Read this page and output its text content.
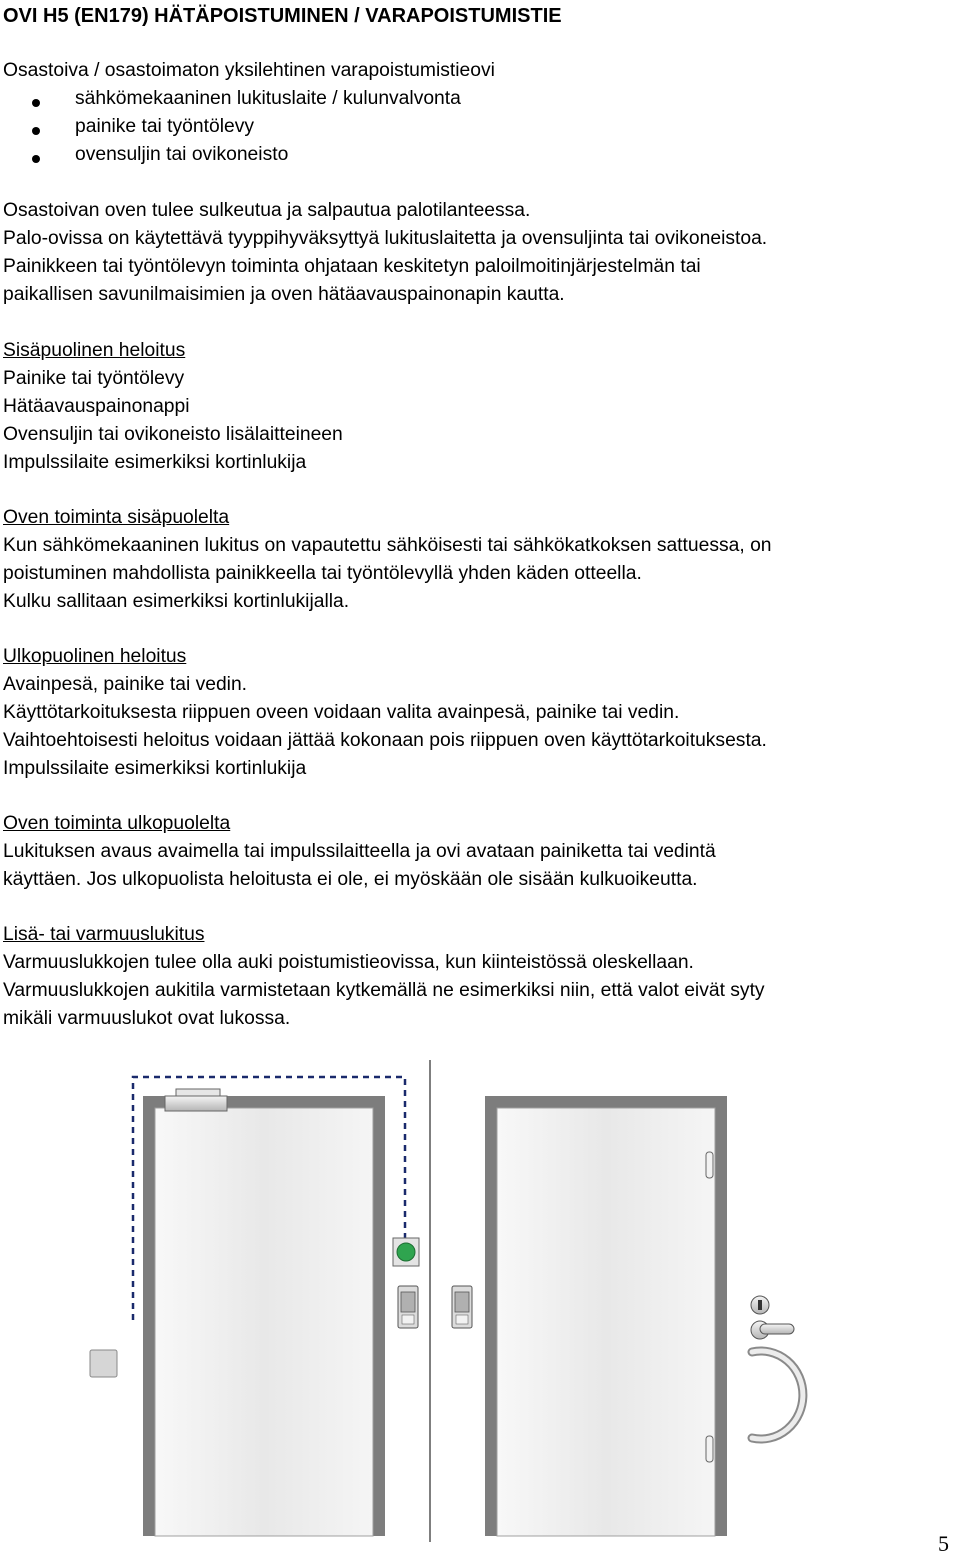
OVI H5 (EN179) HÄTÄPOISTUMINEN / VARAPOISTUMISTIE
Osastoiva / osastoimaton yksilehtinen varapoistumistieovi
sähkömekaaninen lukituslaite / kulunvalvonta
painike tai työntölevy
ovensuljin tai ovikoneisto
Osastoivan oven tulee sulkeutua ja salpautua palotilanteessa.
Palo-ovissa on käytettävä tyyppihyväksyttyä lukituslaitetta ja ovensuljinta tai ovikoneistoa.
Painikkeen tai työntölevyn toiminta ohjataan keskitetyn paloilmoitinjärjestelmän tai
paikallisen savunilmaisimien ja oven hätäavauspainonapin kautta.
Sisäpuolinen heloitus
Painike tai työntölevy
Hätäavauspainonappi
Ovensuljin tai ovikoneisto lisälaitteineen
Impulssilaite esimerkiksi kortinlukija
Oven toiminta sisäpuolelta
Kun sähkömekaaninen lukitus on vapautettu sähköisesti tai sähkökatkoksen sattuessa, on
poistuminen mahdollista painikkeella tai työntölevyllä yhden käden otteella.
Kulku sallitaan esimerkiksi kortinlukijalla.
Ulkopuolinen heloitus
Avainpesä, painike tai vedin.
Käyttötarkoituksesta riippuen oveen voidaan valita avainpesä, painike tai vedin.
Vaihtoehtoisesti heloitus voidaan jättää kokonaan pois riippuen oven käyttötarkoituksesta.
Impulssilaite esimerkiksi kortinlukija
Oven toiminta ulkopuolelta
Lukituksen avaus avaimella tai impulssilaitteella ja ovi avataan painiketta tai vedintä
käyttäen. Jos ulkopuolista heloitusta ei ole, ei myöskään ole sisään kulkuoikeutta.
Lisä- tai varmuuslukitus
Varmuuslukkojen tulee olla auki poistumistieovissa, kun kiinteistössä oleskellaan.
Varmuuslukkojen aukitila varmistetaan kytkemällä ne esimerkiksi niin, että valot eivät syty
mikäli varmuuslukot ovat lukossa.
5
